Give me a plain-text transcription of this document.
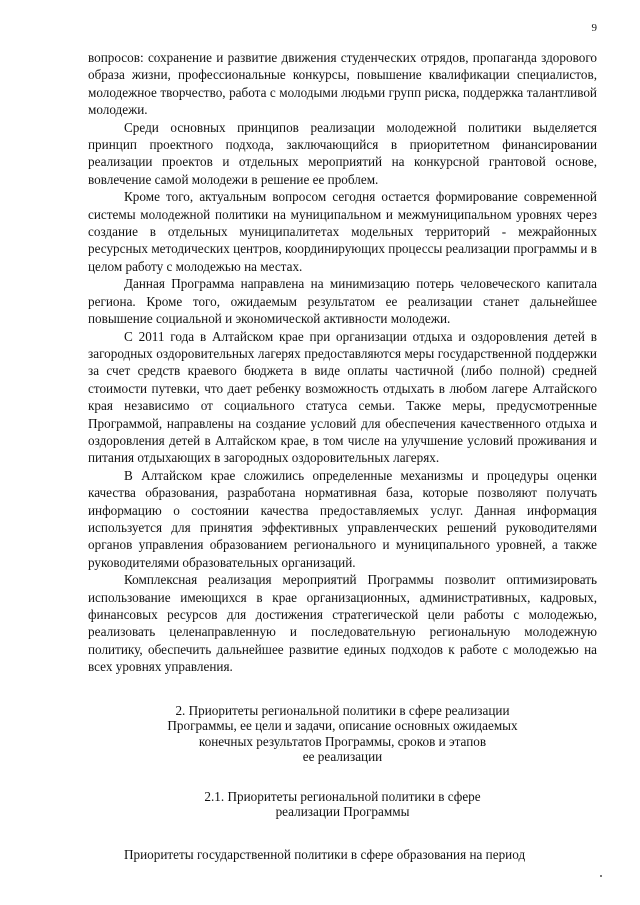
9

вопросов: сохранение и развитие движения студенческих отрядов, пропаганда здорового образа жизни, профессиональные конкурсы, повышение квалификации специалистов, молодежное творчество, работа с молодыми людьми групп риска, поддержка талантливой молодежи.

Среди основных принципов реализации молодежной политики выделяется принцип проектного подхода, заключающийся в приоритетном финансировании реализации проектов и отдельных мероприятий на конкурсной грантовой основе, вовлечение самой молодежи в решение ее проблем.

Кроме того, актуальным вопросом сегодня остается формирование современной системы молодежной политики на муниципальном и межмуниципальном уровнях через создание в отдельных муниципалитетах модельных территорий - межрайонных ресурсных методических центров, координирующих процессы реализации программы и в целом работу с молодежью на местах.

Данная Программа направлена на минимизацию потерь человеческого капитала региона. Кроме того, ожидаемым результатом ее реализации станет дальнейшее повышение социальной и экономической активности молодежи.

С 2011 года в Алтайском крае при организации отдыха и оздоровления детей в загородных оздоровительных лагерях предоставляются меры государственной поддержки за счет средств краевого бюджета в виде оплаты частичной (либо полной) средней стоимости путевки, что дает ребенку возможность отдыхать в любом лагере Алтайского края независимо от социального статуса семьи. Также меры, предусмотренные Программой, направлены на создание условий для обеспечения качественного отдыха и оздоровления детей в Алтайском крае, в том числе на улучшение условий проживания и питания отдыхающих в загородных оздоровительных лагерях.

В Алтайском крае сложились определенные механизмы и процедуры оценки качества образования, разработана нормативная база, которые позволяют получать информацию о состоянии качества предоставляемых услуг. Данная информация используется для принятия эффективных управленческих решений руководителями органов управления образованием регионального и муниципального уровней, а также руководителями образовательных организаций.

Комплексная реализация мероприятий Программы позволит оптимизировать использование имеющихся в крае организационных, административных, кадровых, финансовых ресурсов для достижения стратегической цели работы с молодежью, реализовать целенаправленную и последовательную региональную молодежную политику, обеспечить дальнейшее развитие единых подходов к работе с молодежью на всех уровнях управления.

2. Приоритеты региональной политики в сфере реализации
Программы, ее цели и задачи, описание основных ожидаемых
конечных результатов Программы, сроков и этапов
ее реализации
2.1. Приоритеты региональной политики в сфере
реализации Программы

Приоритеты государственной политики в сфере образования на период
